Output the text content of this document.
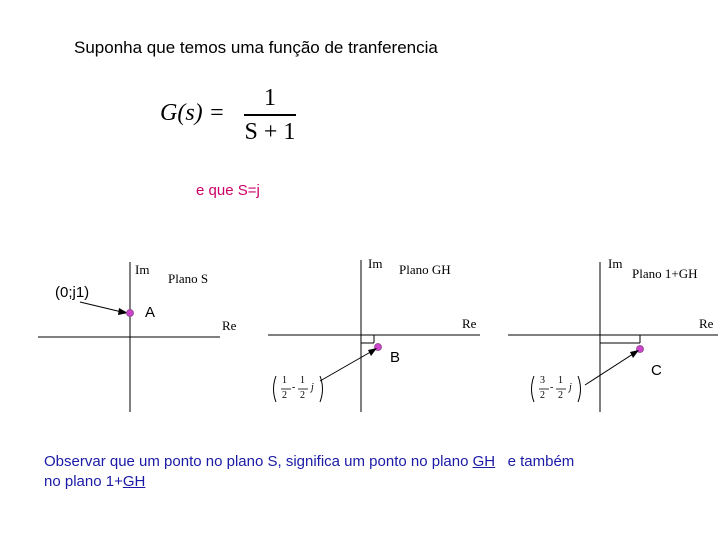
Suponha que temos uma função de tranferencia
G(s) =
1
S + 1
e que S=j
Im
Plano S
Re
Im Plano GH
Re
Im
Plano 1+GH
Re
(0;j1)
A
B
C
1
2
-
1
2
j
3
2
-
1
2
j
Observar que um ponto no plano S, significa um ponto no plano GH   e também
no plano 1+GH
